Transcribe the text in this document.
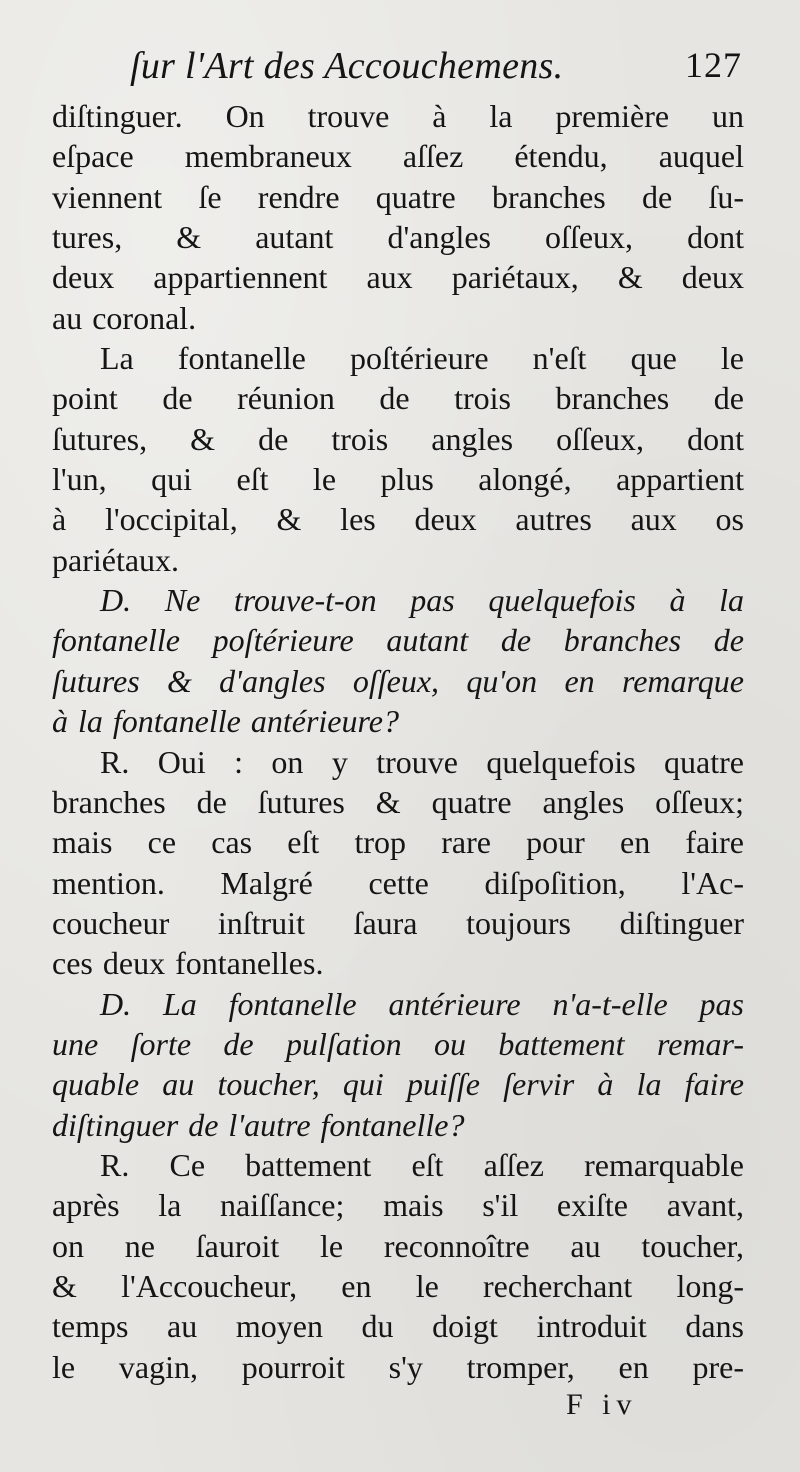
ſur l'Art des Accouchemens.	127
diſtinguer. On trouve à la première un
eſpace membraneux aſſez étendu, auquel
viennent ſe rendre quatre branches de ſu-
tures, & autant d'angles oſſeux, dont
deux appartiennent aux pariétaux, & deux
au coronal.
La fontanelle poſtérieure n'eſt que le
point de réunion de trois branches de
ſutures, & de trois angles oſſeux, dont
l'un, qui eſt le plus alongé, appartient
à l'occipital, & les deux autres aux os
pariétaux.
D. Ne trouve-t-on pas quelquefois à la
fontanelle poſtérieure autant de branches de
ſutures & d'angles oſſeux, qu'on en remarque
à la fontanelle antérieure?
R. Oui : on y trouve quelquefois quatre
branches de ſutures & quatre angles oſſeux;
mais ce cas eſt trop rare pour en faire
mention. Malgré cette diſpoſition, l'Ac-
coucheur inſtruit ſaura toujours diſtinguer
ces deux fontanelles.
D. La fontanelle antérieure n'a-t-elle pas
une ſorte de pulſation ou battement remar-
quable au toucher, qui puiſſe ſervir à la faire
diſtinguer de l'autre fontanelle?
R. Ce battement eſt aſſez remarquable
après la naiſſance; mais s'il exiſte avant,
on ne ſauroit le reconnoître au toucher,
& l'Accoucheur, en le recherchant long-
temps au moyen du doigt introduit dans
le vagin, pourroit s'y tromper, en pre-
F iv
